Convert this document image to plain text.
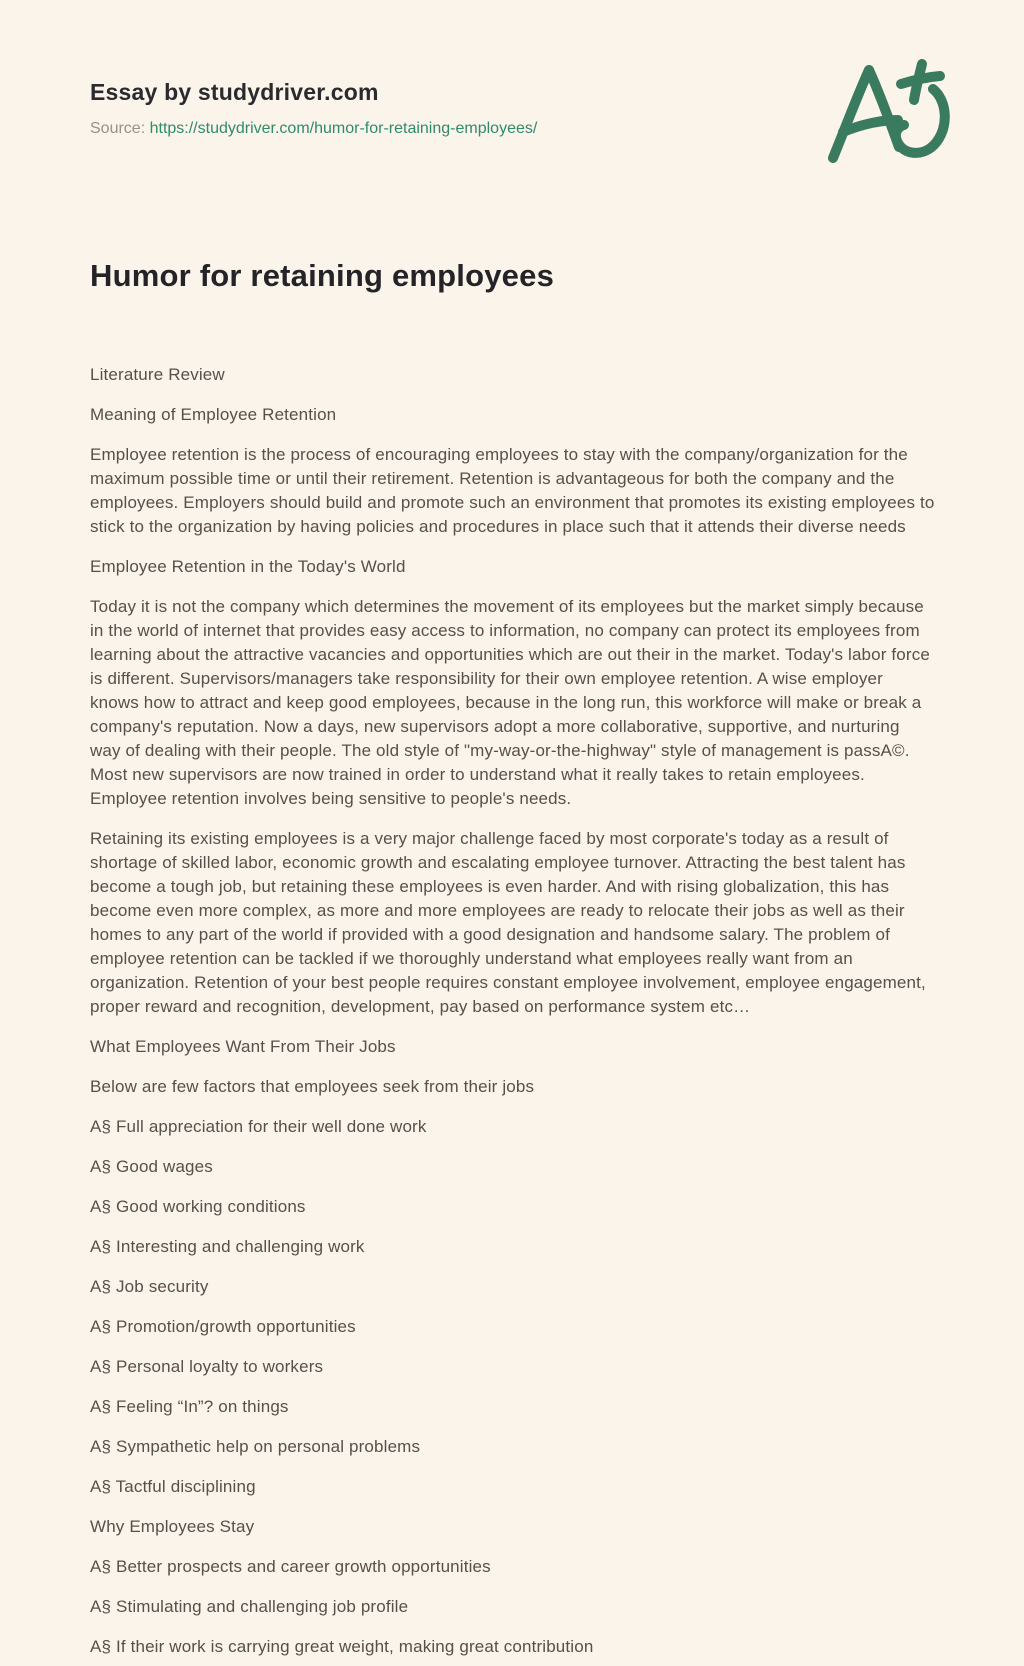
Essay by studydriver.com
Source: https://studydriver.com/humor-for-retaining-employees/
Humor for retaining employees

Literature Review

Meaning of Employee Retention

Employee retention is the process of encouraging employees to stay with the company/organization for the maximum possible time or until their retirement. Retention is advantageous for both the company and the employees. Employers should build and promote such an environment that promotes its existing employees to stick to the organization by having policies and procedures in place such that it attends their diverse needs

Employee Retention in the Today's World

Today it is not the company which determines the movement of its employees but the market simply because in the world of internet that provides easy access to information, no company can protect its employees from learning about the attractive vacancies and opportunities which are out their in the market. Today's labor force is different. Supervisors/managers take responsibility for their own employee retention. A wise employer knows how to attract and keep good employees, because in the long run, this workforce will make or break a company's reputation. Now a days, new supervisors adopt a more collaborative, supportive, and nurturing way of dealing with their people. The old style of "my-way-or-the-highway" style of management is passA©. Most new supervisors are now trained in order to understand what it really takes to retain employees. Employee retention involves being sensitive to people's needs.

Retaining its existing employees is a very major challenge faced by most corporate's today as a result of shortage of skilled labor, economic growth and escalating employee turnover. Attracting the best talent has become a tough job, but retaining these employees is even harder. And with rising globalization, this has become even more complex, as more and more employees are ready to relocate their jobs as well as their homes to any part of the world if provided with a good designation and handsome salary. The problem of employee retention can be tackled if we thoroughly understand what employees really want from an organization. Retention of your best people requires constant employee involvement, employee engagement, proper reward and recognition, development, pay based on performance system etc…

What Employees Want From Their Jobs

Below are few factors that employees seek from their jobs

A§ Full appreciation for their well done work

A§ Good wages

A§ Good working conditions

A§ Interesting and challenging work

A§ Job security

A§ Promotion/growth opportunities

A§ Personal loyalty to workers

A§ Feeling “In”? on things

A§ Sympathetic help on personal problems

A§ Tactful disciplining

Why Employees Stay

A§ Better prospects and career growth opportunities

A§ Stimulating and challenging job profile

A§ If their work is carrying great weight, making great contribution
